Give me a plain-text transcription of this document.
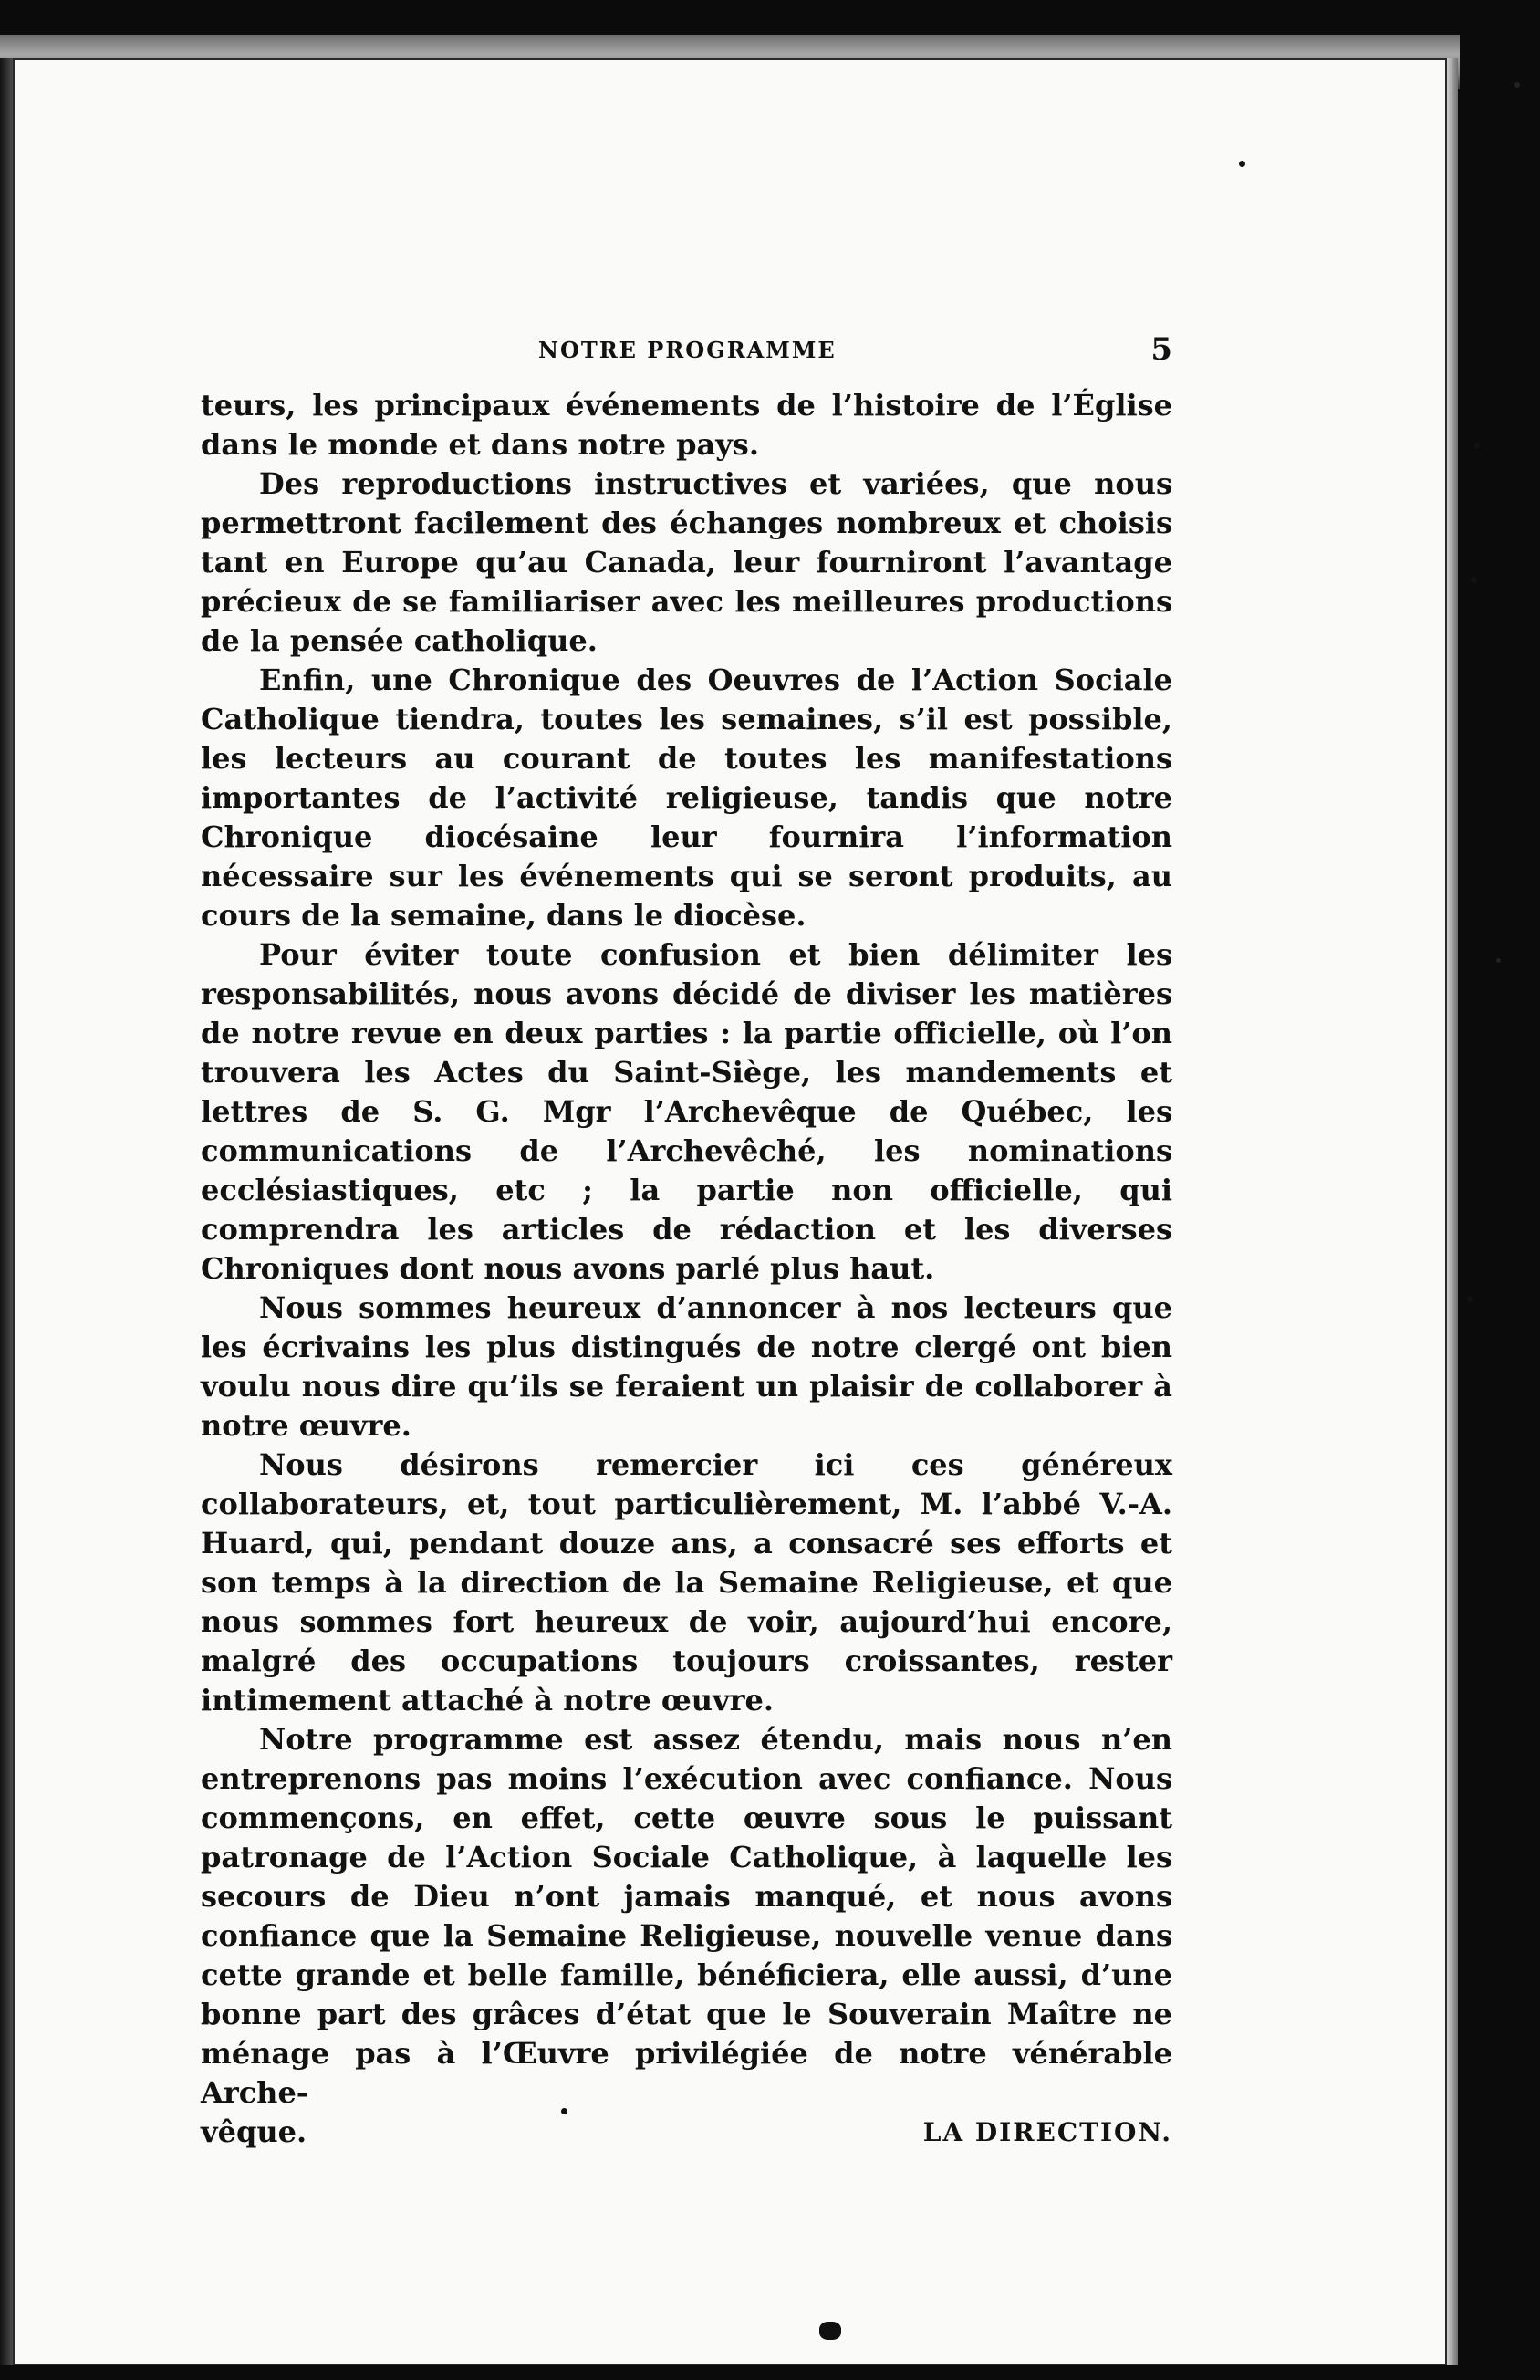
NOTRE PROGRAMME	5

teurs, les principaux événements de l’histoire de l’Église dans le monde et dans notre pays.

Des reproductions instructives et variées, que nous permettront facilement des échanges nombreux et choisis tant en Europe qu’au Canada, leur fourniront l’avantage précieux de se familiariser avec les meilleures productions de la pensée catholique.

Enfin, une Chronique des Oeuvres de l’Action Sociale Catholique tiendra, toutes les semaines, s’il est possible, les lecteurs au courant de toutes les manifestations importantes de l’activité religieuse, tandis que notre Chronique diocésaine leur fournira l’information nécessaire sur les événements qui se seront produits, au cours de la semaine, dans le diocèse.

Pour éviter toute confusion et bien délimiter les responsabilités, nous avons décidé de diviser les matières de notre revue en deux parties : la partie officielle, où l’on trouvera les Actes du Saint-Siège, les mandements et lettres de S. G. Mgr l’Archevêque de Québec, les communications de l’Archevêché, les nominations ecclésiastiques, etc ; la partie non officielle, qui comprendra les articles de rédaction et les diverses Chroniques dont nous avons parlé plus haut.

Nous sommes heureux d’annoncer à nos lecteurs que les écrivains les plus distingués de notre clergé ont bien voulu nous dire qu’ils se feraient un plaisir de collaborer à notre œuvre.

Nous désirons remercier ici ces généreux collaborateurs, et, tout particulièrement, M. l’abbé V.-A. Huard, qui, pendant douze ans, a consacré ses efforts et son temps à la direction de la Semaine Religieuse, et que nous sommes fort heureux de voir, aujourd’hui encore, malgré des occupations toujours croissantes, rester intimement attaché à notre œuvre.

Notre programme est assez étendu, mais nous n’en entreprenons pas moins l’exécution avec confiance. Nous commençons, en effet, cette œuvre sous le puissant patronage de l’Action Sociale Catholique, à laquelle les secours de Dieu n’ont jamais manqué, et nous avons confiance que la Semaine Religieuse, nouvelle venue dans cette grande et belle famille, bénéficiera, elle aussi, d’une bonne part des grâces d’état que le Souverain Maître ne ménage pas à l’Œuvre privilégiée de notre vénérable Arche-

vêque.	LA DIRECTION.
